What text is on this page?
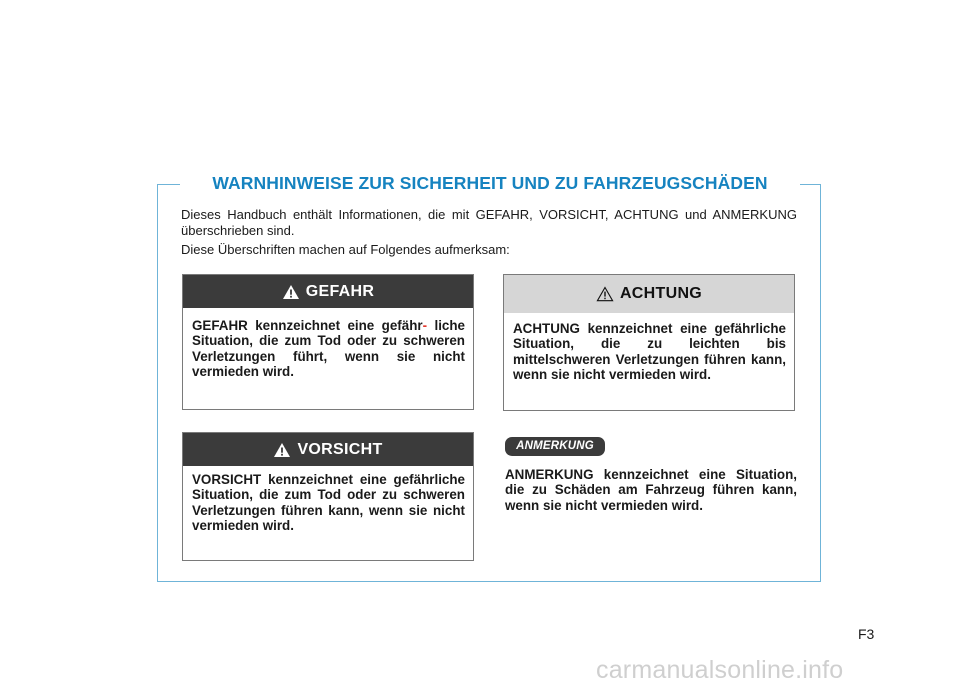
WARNHINWEISE ZUR SICHERHEIT UND ZU FAHRZEUGSCHÄDEN

Dieses Handbuch enthält Informationen, die mit GEFAHR, VORSICHT, ACHTUNG und ANMERKUNG überschrieben sind.

Diese Überschriften machen auf Folgendes aufmerksam:

GEFAHR
GEFAHR kennzeichnet eine gefähr- liche Situation, die zum Tod oder zu schweren Verletzungen führt, wenn sie nicht vermieden wird.
ACHTUNG
ACHTUNG kennzeichnet eine gefährliche Situation, die zu leichten bis mittelschweren Verletzungen führen kann, wenn sie nicht vermieden wird.
VORSICHT
VORSICHT kennzeichnet eine gefährliche Situation, die zum Tod oder zu schweren Verletzungen führen kann, wenn sie nicht vermieden wird.
ANMERKUNG
ANMERKUNG kennzeichnet eine Situation, die zu Schäden am Fahrzeug führen kann, wenn sie nicht vermieden wird.
F3
carmanualsonline.info
